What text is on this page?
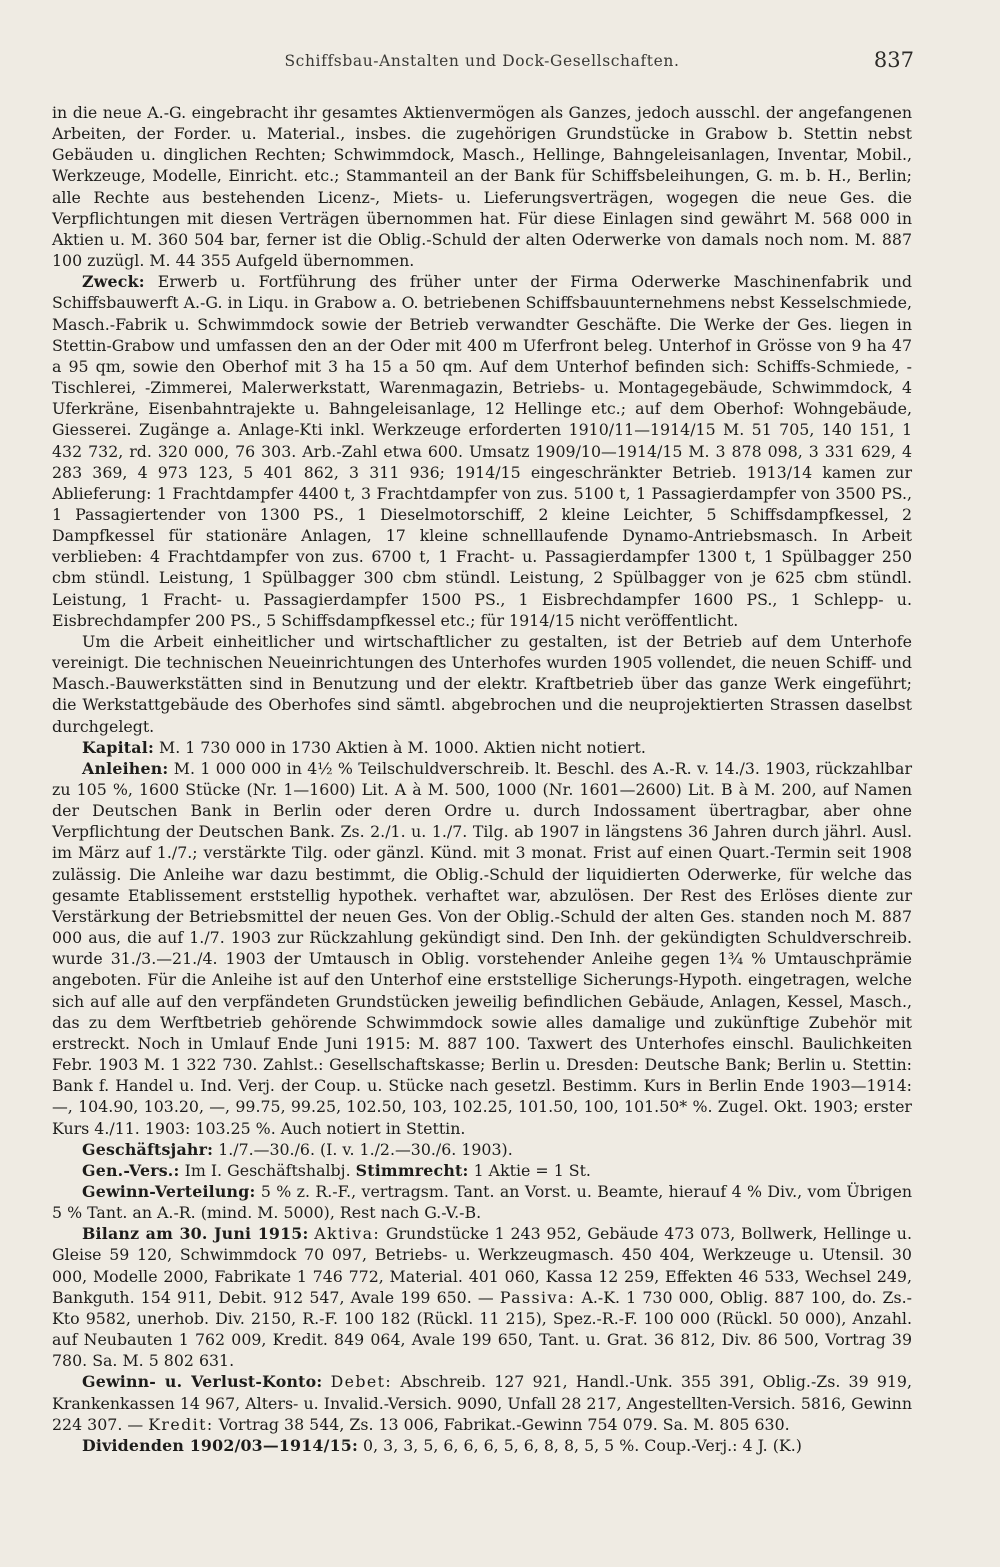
Schiffsbau-Anstalten und Dock-Gesellschaften.	837

in die neue A.-G. eingebracht ihr gesamtes Aktienvermögen als Ganzes, jedoch ausschl. der angefangenen Arbeiten, der Forder. u. Material., insbes. die zugehörigen Grundstücke in Grabow b. Stettin nebst Gebäuden u. dinglichen Rechten; Schwimmdock, Masch., Hellinge, Bahngeleisanlagen, Inventar, Mobil., Werkzeuge, Modelle, Einricht. etc.; Stammanteil an der Bank für Schiffsbeleihungen, G. m. b. H., Berlin; alle Rechte aus bestehenden Licenz-, Miets- u. Lieferungsverträgen, wogegen die neue Ges. die Verpflichtungen mit diesen Verträgen übernommen hat. Für diese Einlagen sind gewährt M. 568 000 in Aktien u. M. 360 504 bar, ferner ist die Oblig.-Schuld der alten Oderwerke von damals noch nom. M. 887 100 zuzügl. M. 44 355 Aufgeld übernommen.

Zweck: Erwerb u. Fortführung des früher unter der Firma Oderwerke Maschinenfabrik und Schiffsbauwerft A.-G. in Liqu. in Grabow a. O. betriebenen Schiffsbauunternehmens nebst Kesselschmiede, Masch.-Fabrik u. Schwimmdock sowie der Betrieb verwandter Geschäfte. Die Werke der Ges. liegen in Stettin-Grabow und umfassen den an der Oder mit 400 m Uferfront beleg. Unterhof in Grösse von 9 ha 47 a 95 qm, sowie den Oberhof mit 3 ha 15 a 50 qm. Auf dem Unterhof befinden sich: Schiffs-Schmiede, -Tischlerei, -Zimmerei, Malerwerkstatt, Warenmagazin, Betriebs- u. Montagegebäude, Schwimmdock, 4 Uferkräne, Eisenbahntrajekte u. Bahngeleisanlage, 12 Hellinge etc.; auf dem Oberhof: Wohngebäude, Giesserei. Zugänge a. Anlage-Kti inkl. Werkzeuge erforderten 1910/11—1914/15 M. 51 705, 140 151, 1 432 732, rd. 320 000, 76 303. Arb.-Zahl etwa 600. Umsatz 1909/10—1914/15 M. 3 878 098, 3 331 629, 4 283 369, 4 973 123, 5 401 862, 3 311 936; 1914/15 eingeschränkter Betrieb. 1913/14 kamen zur Ablieferung: 1 Frachtdampfer 4400 t, 3 Frachtdampfer von zus. 5100 t, 1 Passagierdampfer von 3500 PS., 1 Passagiertender von 1300 PS., 1 Dieselmotorschiff, 2 kleine Leichter, 5 Schiffsdampfkessel, 2 Dampfkessel für stationäre Anlagen, 17 kleine schnelllaufende Dynamo-Antriebsmasch. In Arbeit verblieben: 4 Frachtdampfer von zus. 6700 t, 1 Fracht- u. Passagierdampfer 1300 t, 1 Spülbagger 250 cbm stündl. Leistung, 1 Spülbagger 300 cbm stündl. Leistung, 2 Spülbagger von je 625 cbm stündl. Leistung, 1 Fracht- u. Passagierdampfer 1500 PS., 1 Eisbrechdampfer 1600 PS., 1 Schlepp- u. Eisbrechdampfer 200 PS., 5 Schiffsdampfkessel etc.; für 1914/15 nicht veröffentlicht.

Um die Arbeit einheitlicher und wirtschaftlicher zu gestalten, ist der Betrieb auf dem Unterhofe vereinigt. Die technischen Neueinrichtungen des Unterhofes wurden 1905 vollendet, die neuen Schiff- und Masch.-Bauwerkstätten sind in Benutzung und der elektr. Kraftbetrieb über das ganze Werk eingeführt; die Werkstattgebäude des Oberhofes sind sämtl. abgebrochen und die neuprojektierten Strassen daselbst durchgelegt.

Kapital: M. 1 730 000 in 1730 Aktien à M. 1000. Aktien nicht notiert.

Anleihen: M. 1 000 000 in 4½ % Teilschuldverschreib. lt. Beschl. des A.-R. v. 14./3. 1903, rückzahlbar zu 105 %, 1600 Stücke (Nr. 1—1600) Lit. A à M. 500, 1000 (Nr. 1601—2600) Lit. B à M. 200, auf Namen der Deutschen Bank in Berlin oder deren Ordre u. durch Indossament übertragbar, aber ohne Verpflichtung der Deutschen Bank. Zs. 2./1. u. 1./7. Tilg. ab 1907 in längstens 36 Jahren durch jährl. Ausl. im März auf 1./7.; verstärkte Tilg. oder gänzl. Künd. mit 3 monat. Frist auf einen Quart.-Termin seit 1908 zulässig. Die Anleihe war dazu bestimmt, die Oblig.-Schuld der liquidierten Oderwerke, für welche das gesamte Etablissement erststellig hypothek. verhaftet war, abzulösen. Der Rest des Erlöses diente zur Verstärkung der Betriebsmittel der neuen Ges. Von der Oblig.-Schuld der alten Ges. standen noch M. 887 000 aus, die auf 1./7. 1903 zur Rückzahlung gekündigt sind. Den Inh. der gekündigten Schuldverschreib. wurde 31./3.—21./4. 1903 der Umtausch in Oblig. vorstehender Anleihe gegen 1¾ % Umtauschprämie angeboten. Für die Anleihe ist auf den Unterhof eine erststellige Sicherungs-Hypoth. eingetragen, welche sich auf alle auf den verpfändeten Grundstücken jeweilig befindlichen Gebäude, Anlagen, Kessel, Masch., das zu dem Werftbetrieb gehörende Schwimmdock sowie alles damalige und zukünftige Zubehör mit erstreckt. Noch in Umlauf Ende Juni 1915: M. 887 100. Taxwert des Unterhofes einschl. Baulichkeiten Febr. 1903 M. 1 322 730. Zahlst.: Gesellschaftskasse; Berlin u. Dresden: Deutsche Bank; Berlin u. Stettin: Bank f. Handel u. Ind. Verj. der Coup. u. Stücke nach gesetzl. Bestimm. Kurs in Berlin Ende 1903—1914: —, 104.90, 103.20, —, 99.75, 99.25, 102.50, 103, 102.25, 101.50, 100, 101.50* %. Zugel. Okt. 1903; erster Kurs 4./11. 1903: 103.25 %. Auch notiert in Stettin.

Geschäftsjahr: 1./7.—30./6. (I. v. 1./2.—30./6. 1903).

Gen.-Vers.: Im I. Geschäftshalbj. Stimmrecht: 1 Aktie = 1 St.

Gewinn-Verteilung: 5 % z. R.-F., vertragsm. Tant. an Vorst. u. Beamte, hierauf 4 % Div., vom Übrigen 5 % Tant. an A.-R. (mind. M. 5000), Rest nach G.-V.-B.

Bilanz am 30. Juni 1915: Aktiva: Grundstücke 1 243 952, Gebäude 473 073, Bollwerk, Hellinge u. Gleise 59 120, Schwimmdock 70 097, Betriebs- u. Werkzeugmasch. 450 404, Werkzeuge u. Utensil. 30 000, Modelle 2000, Fabrikate 1 746 772, Material. 401 060, Kassa 12 259, Effekten 46 533, Wechsel 249, Bankguth. 154 911, Debit. 912 547, Avale 199 650. — Passiva: A.-K. 1 730 000, Oblig. 887 100, do. Zs.-Kto 9582, unerhob. Div. 2150, R.-F. 100 182 (Rückl. 11 215), Spez.-R.-F. 100 000 (Rückl. 50 000), Anzahl. auf Neubauten 1 762 009, Kredit. 849 064, Avale 199 650, Tant. u. Grat. 36 812, Div. 86 500, Vortrag 39 780. Sa. M. 5 802 631.

Gewinn- u. Verlust-Konto: Debet: Abschreib. 127 921, Handl.-Unk. 355 391, Oblig.-Zs. 39 919, Krankenkassen 14 967, Alters- u. Invalid.-Versich. 9090, Unfall 28 217, Angestellten-Versich. 5816, Gewinn 224 307. — Kredit: Vortrag 38 544, Zs. 13 006, Fabrikat.-Gewinn 754 079. Sa. M. 805 630.

Dividenden 1902/03—1914/15: 0, 3, 3, 5, 6, 6, 6, 5, 6, 8, 8, 5, 5 %. Coup.-Verj.: 4 J. (K.)
